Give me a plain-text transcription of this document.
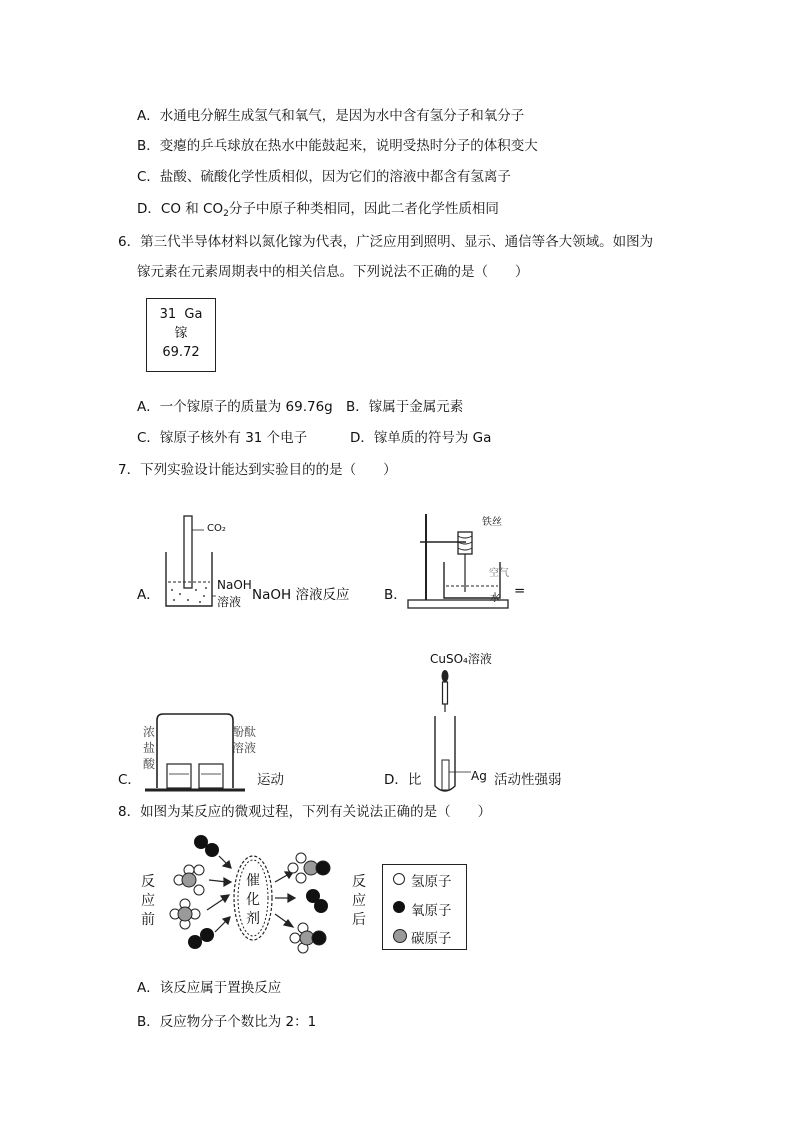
A．水通电分解生成氢气和氧气，是因为水中含有氢分子和氧分子
B．变瘪的乒乓球放在热水中能鼓起来，说明受热时分子的体积变大
C．盐酸、硫酸化学性质相似，因为它们的溶液中都含有氢离子
D．CO 和 $CO_2$分子中原子种类相同，因此二者化学性质相同
6．第三代半导体材料以氮化镓为代表，广泛应用到照明、显示、通信等各大领域。如图为
镓元素在元素周期表中的相关信息。下列说法不正确的是（　　）
31 Ga
镓
69.72
A．一个镓原子的质量为 69.76g B．镓属于金属元素
C．镓原子核外有 31 个电子	D．镓单质的符号为 Ga
7．下列实验设计能达到实验目的的是（　　）
A．
CO₂
NaOH
溶液 NaOH 溶液反应	B．
铁丝
空气
水 =
C．
浓
盐
酸
酚酞
溶液
运动
CuSO₄溶液
D．比	Ag 活动性强弱
8．如图为某反应的微观过程，下列有关说法正确的是（　　）
反
应
前
反
应
后
催
化
剂
氢原子
氧原子
碳原子
A．该反应属于置换反应
B．反应物分子个数比为 2：1
